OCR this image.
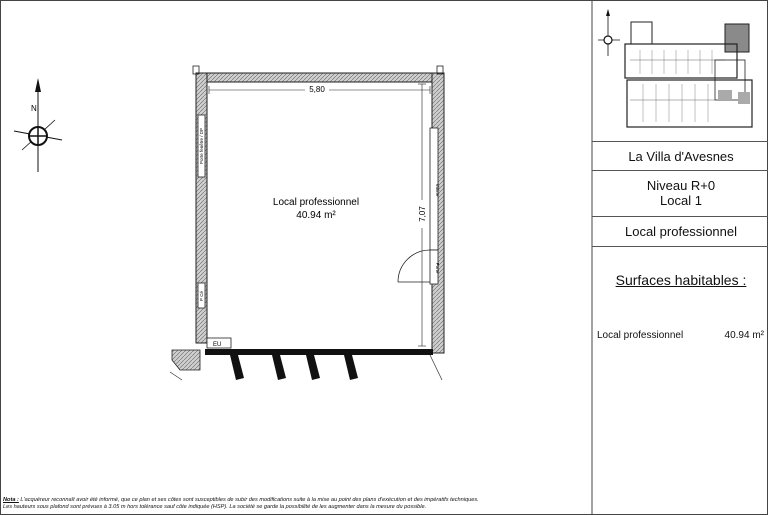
N
5,80
7,07
Porte fenêtre / DP
P Cé
Vitrine
Porte
EU
Local professionnel
40.94 m²
La Villa d'Avesnes
Niveau R+0
Local 1
Local professionnel
Surfaces habitables :
Local professionnel	40.94 m²
Nota : L'acquéreur reconnaît avoir été informé, que ce plan et ses côtes sont susceptibles de subir des modifications suite à la mise au point des plans d'exécution et des impératifs techniques.
Les hauteurs sous plafond sont prévues à 3.05 m hors tolérance sauf côte indiquée (HSP). La société se garde la possibilité de les augmenter dans la mesure du possible.
